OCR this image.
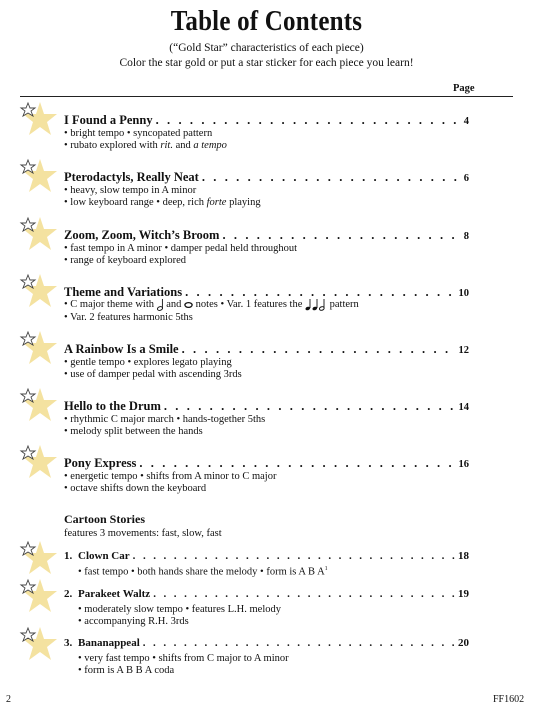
Table of Contents
(“Gold Star” characteristics of each piece)
Color the star gold or put a star sticker for each piece you learn!
Page
I Found a Penny . . .	4
• bright tempo • syncopated pattern
• rubato explored with rit. and a tempo
Pterodactyls, Really Neat . . .	6
• heavy, slow tempo in A minor
• low keyboard range • deep, rich forte playing
Zoom, Zoom, Witch’s Broom . . .	8
• fast tempo in A minor • damper pedal held throughout
• range of keyboard explored
Theme and Variations . . .	10
• C major theme with  and  notes • Var. 1 features the  pattern
• Var. 2 features harmonic 5ths
A Rainbow Is a Smile . . .	12
• gentle tempo • explores legato playing
• use of damper pedal with ascending 3rds
Hello to the Drum . . .	14
• rhythmic C major march • hands-together 5ths
• melody split between the hands
Pony Express . . .	16
• energetic tempo • shifts from A minor to C major
• octave shifts down the keyboard
Cartoon Stories
features 3 movements: fast, slow, fast
1. Clown Car . . .	18
• fast tempo • both hands share the melody • form is A B $A^1$
2. Parakeet Waltz . . .	19
• moderately slow tempo • features L.H. melody
• accompanying R.H. 3rds
3. Bananappeal . . .	20
• very fast tempo • shifts from C major to A minor
• form is A B B A coda
2	FF1602
